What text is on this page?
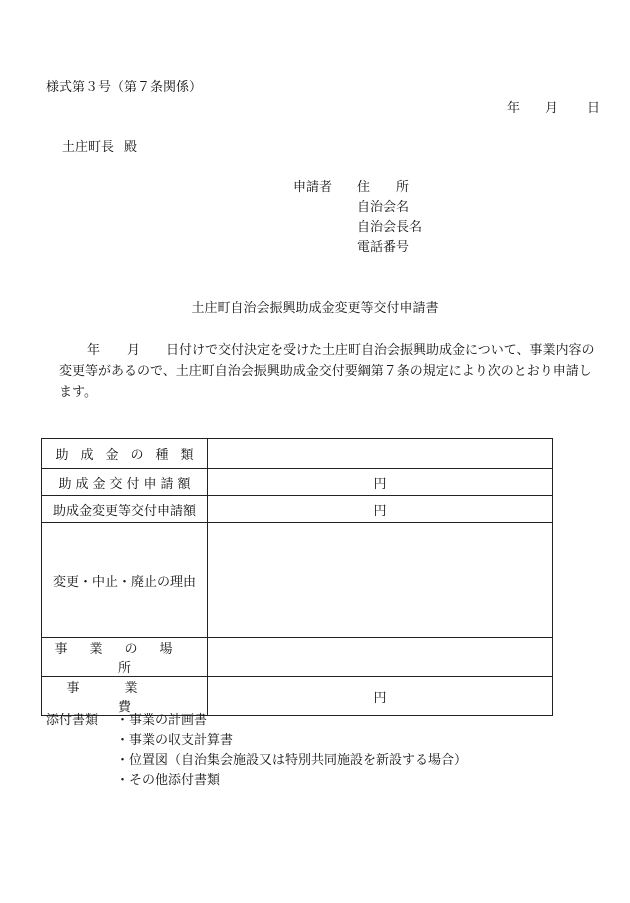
様式第３号（第７条関係）
年	月	日
土庄町長 殿
申請者	住　　所
自治会名
自治会長名
電話番号
土庄町自治会振興助成金変更等交付申請書
年 月 日付けで交付決定を受けた土庄町自治会振興助成金について、事業内容の変更等があるので、土庄町自治会振興助成金交付要綱第７条の規定により次のとおり申請します。
助成金の種類	
助成金交付申請額	円
助成金変更等交付申請額	円
変更・中止・廃止の理由	
事業の場所	
事業費	円
添付書類	・事業の計画書
・事業の収支計算書
・位置図（自治集会施設又は特別共同施設を新設する場合）
・その他添付書類
